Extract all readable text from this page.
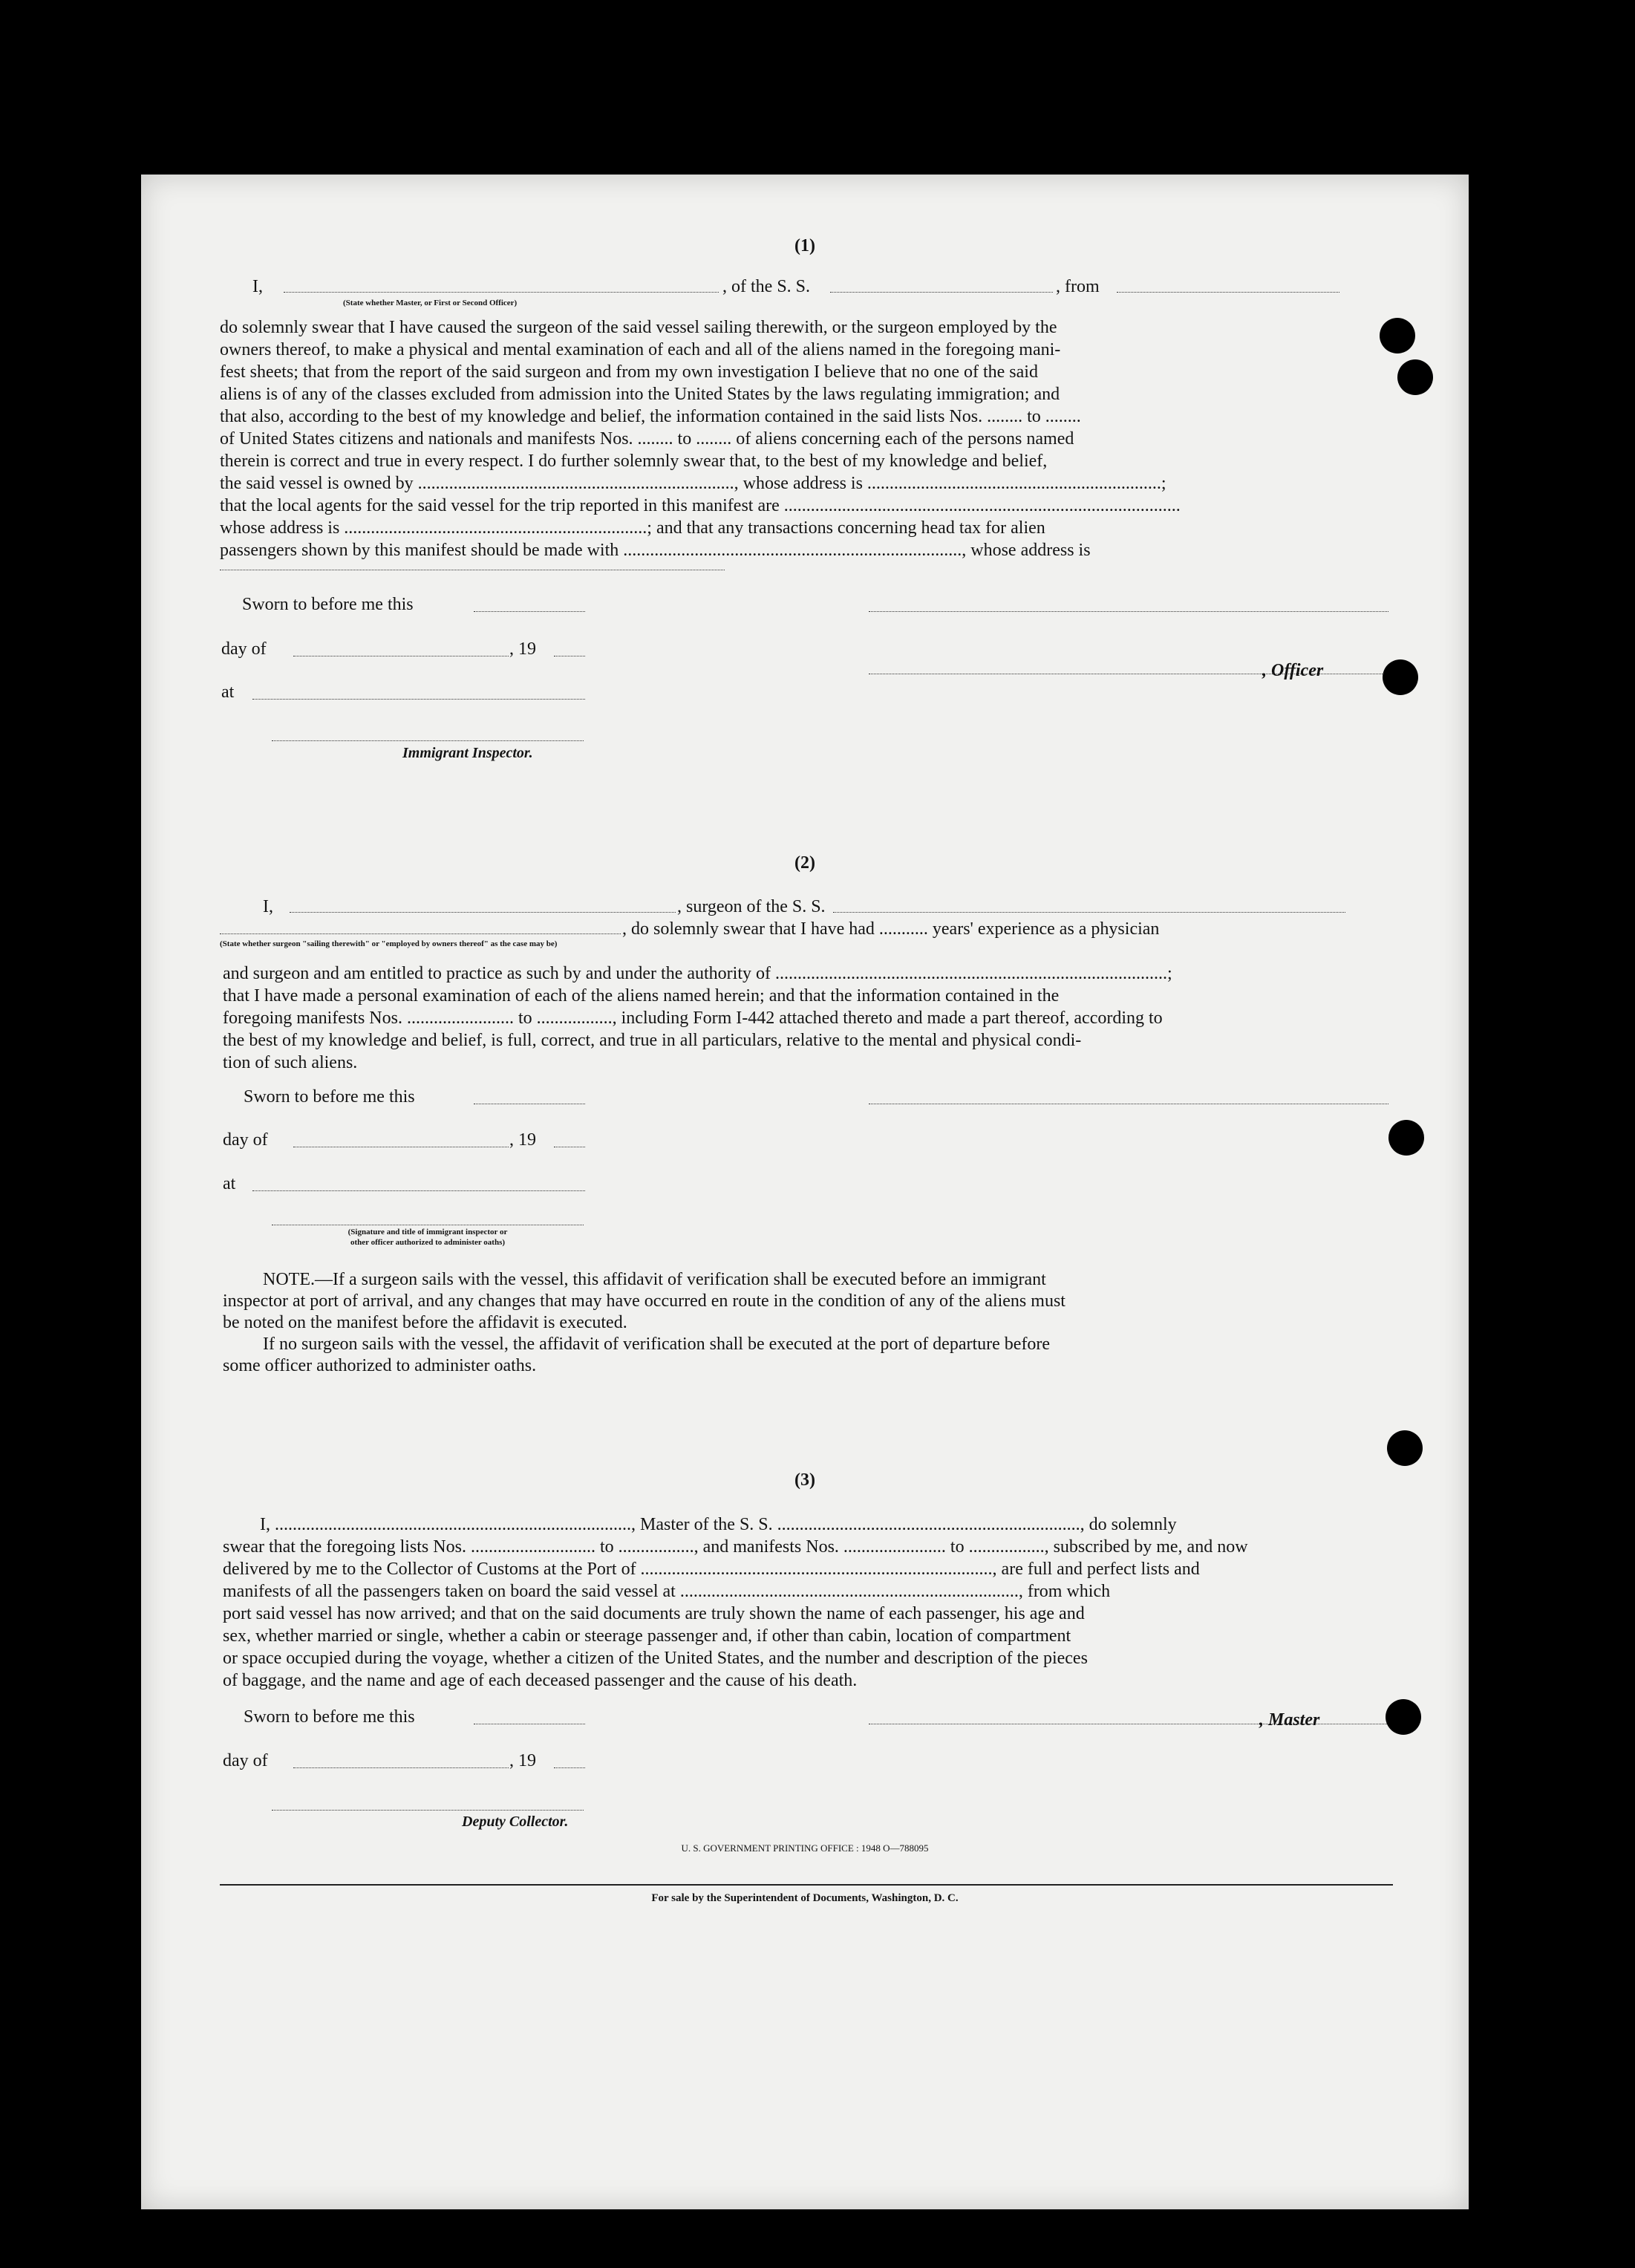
(1)
I,	, of the S. S.	, from
(State whether Master, or First or Second Officer)
do solemnly swear that I have caused the surgeon of the said vessel sailing therewith, or the surgeon employed by the
owners thereof, to make a physical and mental examination of each and all of the aliens named in the foregoing mani-
fest sheets; that from the report of the said surgeon and from my own investigation I believe that no one of the said
aliens is of any of the classes excluded from admission into the United States by the laws regulating immigration; and
that also, according to the best of my knowledge and belief, the information contained in the said lists Nos. ........ to ........
of United States citizens and nationals and manifests Nos. ........ to ........ of aliens concerning each of the persons named
therein is correct and true in every respect. I do further solemnly swear that, to the best of my knowledge and belief,
the said vessel is owned by ......................................................................., whose address is ..................................................................;
that the local agents for the said vessel for the trip reported in this manifest are .........................................................................................
whose address is ....................................................................; and that any transactions concerning head tax for alien
passengers shown by this manifest should be made with ............................................................................, whose address is
Sworn to before me this
day of	, 19
, Officer
at
Immigrant Inspector.
(2)
I,	, surgeon of the S. S.
, do solemnly swear that I have had ........... years' experience as a physician
(State whether surgeon "sailing therewith" or "employed by owners thereof" as the case may be)
and surgeon and am entitled to practice as such by and under the authority of ........................................................................................;
that I have made a personal examination of each of the aliens named herein; and that the information contained in the
foregoing manifests Nos. ........................ to ................., including Form I-442 attached thereto and made a part thereof, according to
the best of my knowledge and belief, is full, correct, and true in all particulars, relative to the mental and physical condi-
tion of such aliens.
Sworn to before me this
day of	, 19
at
(Signature and title of immigrant inspector or
other officer authorized to administer oaths)
NOTE.—If a surgeon sails with the vessel, this affidavit of verification shall be executed before an immigrant
inspector at port of arrival, and any changes that may have occurred en route in the condition of any of the aliens must
be noted on the manifest before the affidavit is executed.
If no surgeon sails with the vessel, the affidavit of verification shall be executed at the port of departure before
some officer authorized to administer oaths.
(3)
I, ................................................................................, Master of the S. S. ...................................................................., do solemnly
swear that the foregoing lists Nos. ............................ to ................., and manifests Nos. ....................... to ................., subscribed by me, and now
delivered by me to the Collector of Customs at the Port of ..............................................................................., are full and perfect lists and
manifests of all the passengers taken on board the said vessel at ............................................................................, from which
port said vessel has now arrived; and that on the said documents are truly shown the name of each passenger, his age and
sex, whether married or single, whether a cabin or steerage passenger and, if other than cabin, location of compartment
or space occupied during the voyage, whether a citizen of the United States, and the number and description of the pieces
of baggage, and the name and age of each deceased passenger and the cause of his death.
Sworn to before me this	, Master
day of	, 19
Deputy Collector.
U. S. GOVERNMENT PRINTING OFFICE : 1948 O—788095
For sale by the Superintendent of Documents, Washington, D. C.
